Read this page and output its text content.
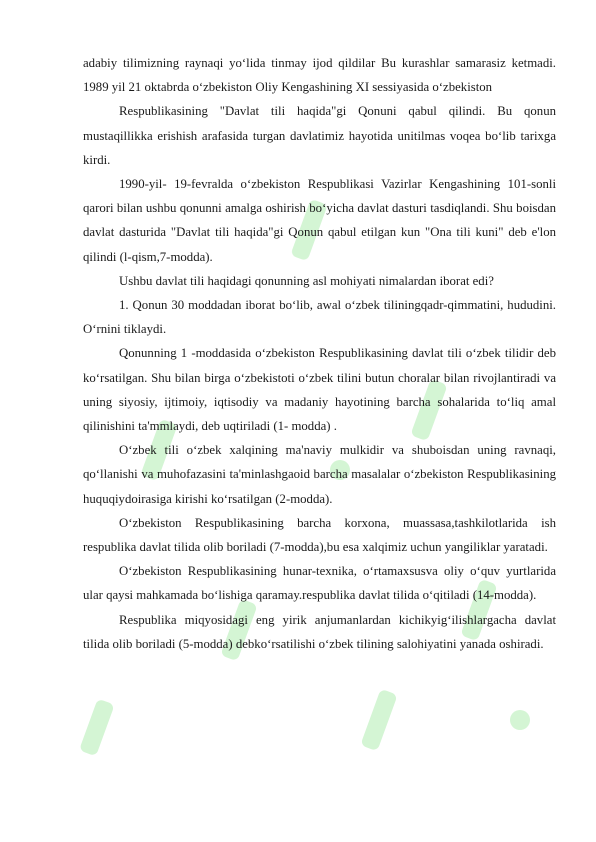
adabiy tilimizning raynaqi yo‘lida tinmay ijod qildilar Bu kurashlar samarasiz ketmadi. 1989 yil 21 oktabrda o‘zbekiston Oliy Kengashining XI sessiyasida o‘zbekiston

Respublikasining "Davlat tili haqida"gi Qonuni qabul qilindi. Bu qonun mustaqillikka erishish arafasida turgan davlatimiz hayotida unitilmas voqea bo‘lib tarixga kirdi.

1990-yil- 19-fevralda o‘zbekiston Respublikasi Vazirlar Kengashining 101-sonli qarori bilan ushbu qonunni amalga oshirish bo‘yicha davlat dasturi tasdiqlandi. Shu boisdan davlat dasturida "Davlat tili haqida"gi Qonun qabul etilgan kun "Ona tili kuni" deb e'lon qilindi (l-qism,7-modda).

Ushbu davlat tili haqidagi qonunning asl mohiyati nimalardan iborat edi?

1. Qonun 30 moddadan iborat bo‘lib, awal o‘zbek tiliningqadr-qimmatini, hududini. O‘rnini tiklaydi.

Qonunning 1 -moddasida o‘zbekiston Respublikasining davlat tili o‘zbek tilidir deb ko‘rsatilgan. Shu bilan birga o‘zbekistoti o‘zbek tilini butun choralar bilan rivojlantiradi va uning siyosiy, ijtimoiy, iqtisodiy va madaniy hayotining barcha sohalarida to‘liq amal qilinishini ta'mmlaydi, deb uqtiriladi (1- modda) .

O‘zbek tili o‘zbek xalqining ma'naviy mulkidir va shuboisdan uning ravnaqi, qo‘llanishi va muhofazasini ta'minlashgaoid barcha masalalar o‘zbekiston Respublikasining huquqiydoirasiga kirishi ko‘rsatilgan (2-modda).

O‘zbekiston Respublikasining barcha korxona, muassasa,tashkilotlarida ish respublika davlat tilida olib boriladi (7-modda),bu esa xalqimiz uchun yangiliklar yaratadi.

O‘zbekiston Respublikasining hunar-texnika, o‘rtamaxsusva oliy o‘quv yurtlarida ular qaysi mahkamada bo‘lishiga qaramay.respublika davlat tilida o‘qitiladi (14-modda).

Respublika miqyosidagi eng yirik anjumanlardan kichikyig‘ilishlargacha davlat tilida olib boriladi (5-modda) debko‘rsatilishi o‘zbek tilining salohiyatini yanada oshiradi.
